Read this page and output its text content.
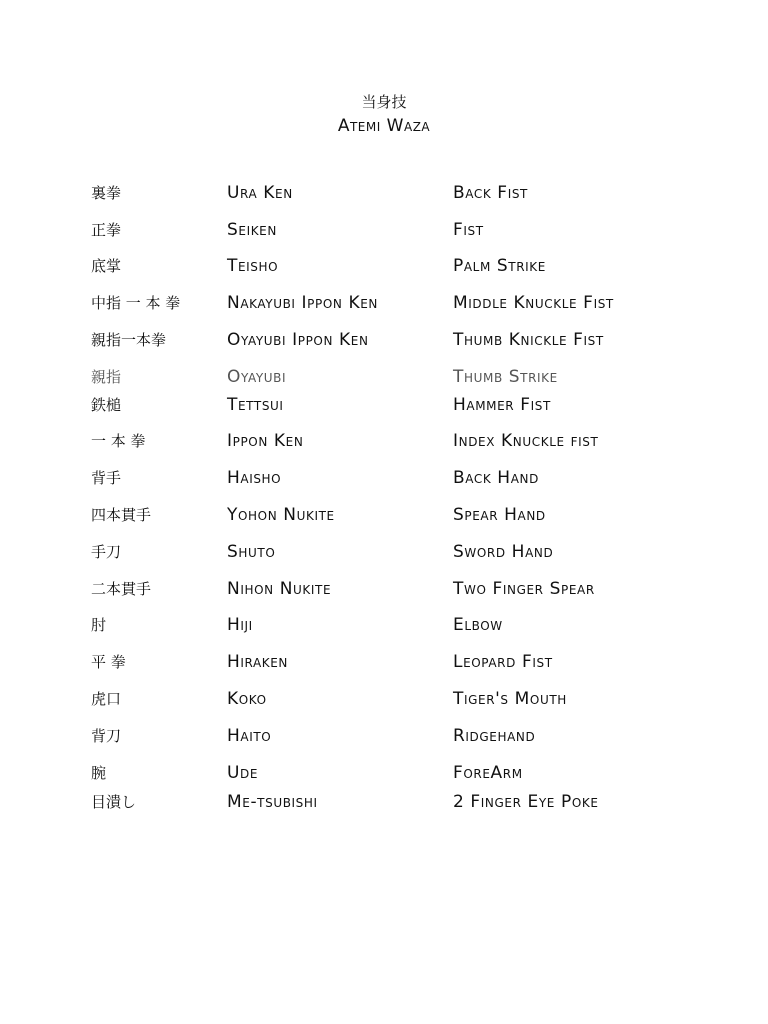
当身技
Atemi Waza
裏拳	Ura Ken	Back Fist
正拳	Seiken	Fist
底掌	Teisho	Palm Strike
中指 一 本 拳	Nakayubi Ippon Ken	Middle Knuckle Fist
親指一本拳	Oyayubi Ippon Ken	Thumb Knickle Fist
親指	Oyayubi	Thumb Strike
鉄槌	Tettsui	Hammer Fist
一 本 拳	Ippon Ken	Index Knuckle fist
背手	Haisho	Back Hand
四本貫手	Yohon Nukite	Spear Hand
手刀	Shuto	Sword Hand
二本貫手	Nihon Nukite	Two Finger Spear
肘	Hiji	Elbow
平 拳	Hiraken	Leopard Fist
虎口	Koko	Tiger's Mouth
背刀	Haito	Ridgehand
腕	Ude	ForeArm
目潰し	Me-tsubishi	2 Finger Eye Poke
